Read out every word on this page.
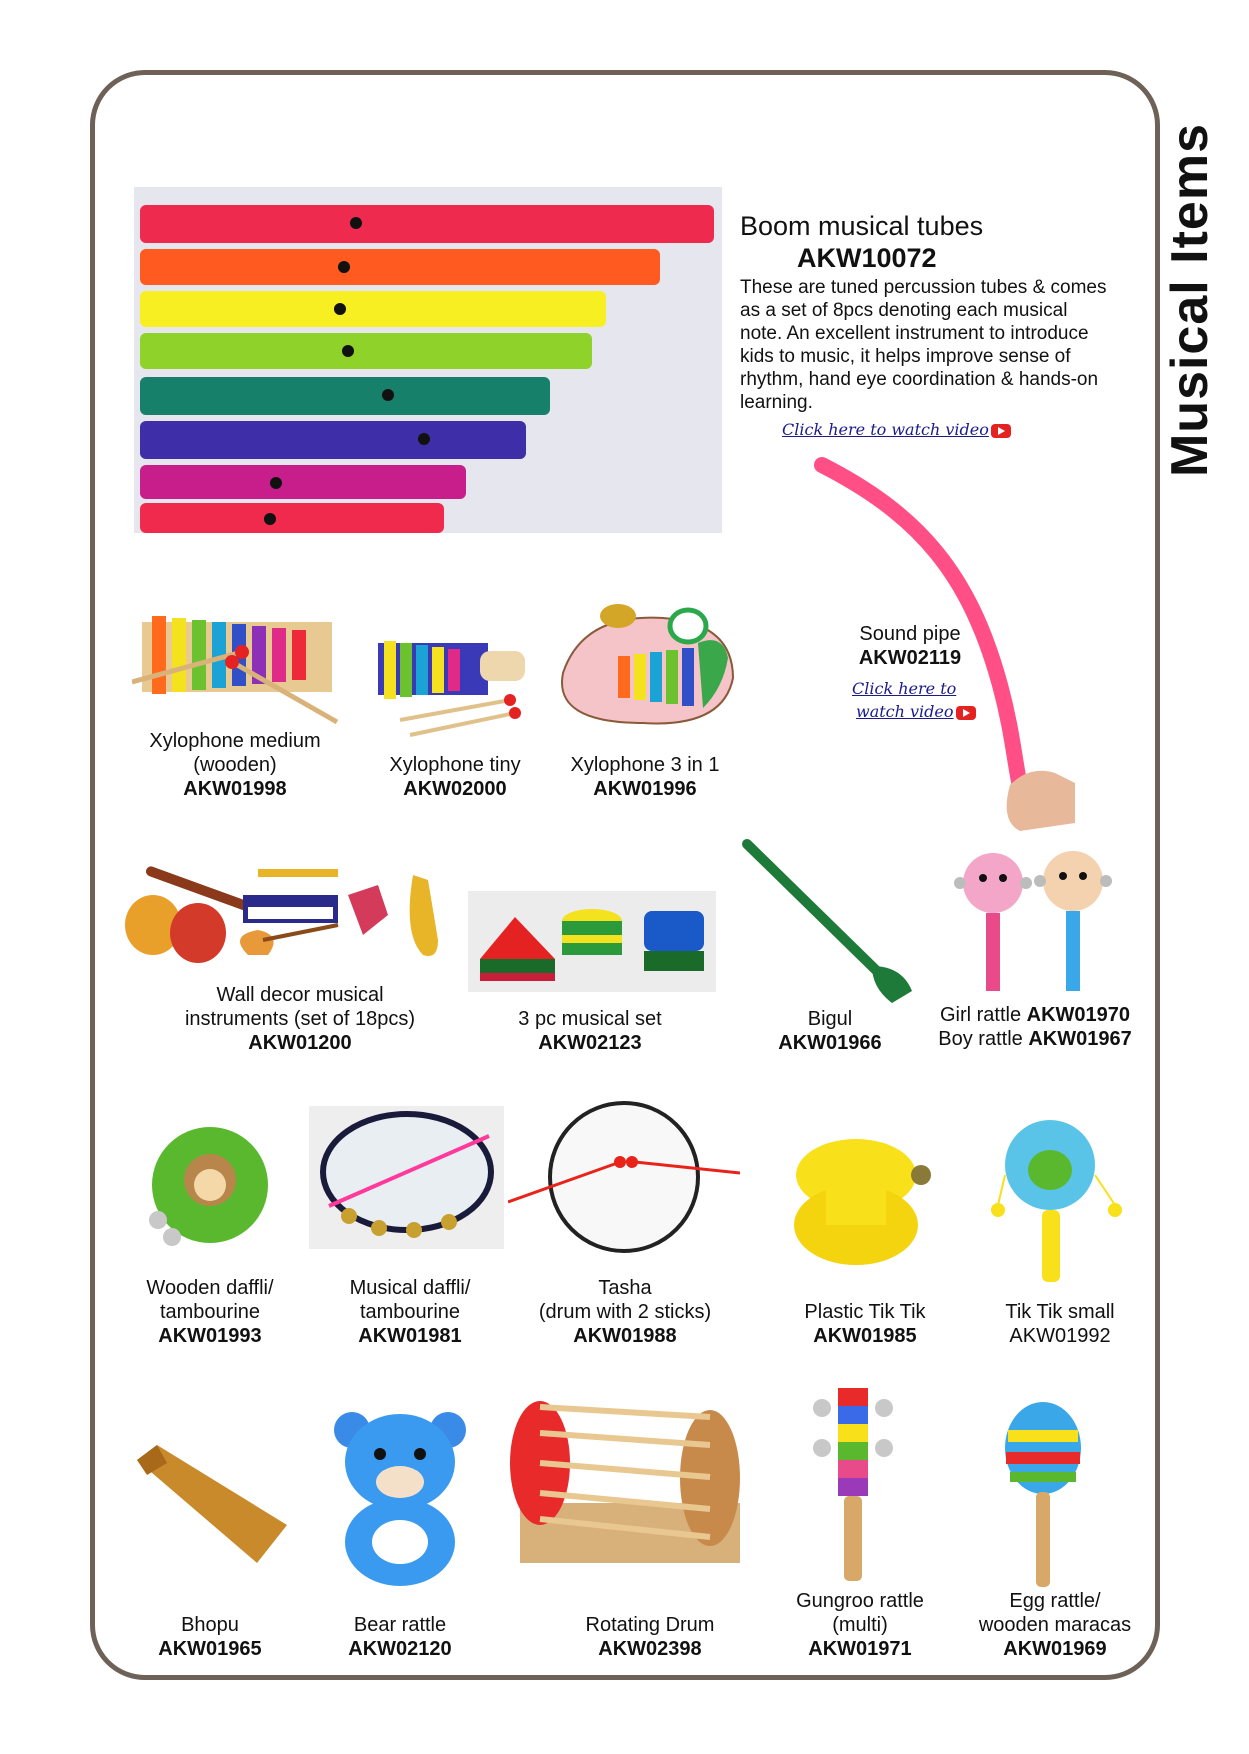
Musical Items
Boom musical tubes
AKW10072
These are tuned percussion tubes & comes as a set of 8pcs denoting each musical note. An excellent instrument to introduce kids to music, it helps improve sense of rhythm, hand eye coordination & hands-on learning.
Click here to watch video
Sound pipe
AKW02119
Click here to
watch video
Xylophone medium
(wooden)
AKW01998
Xylophone tiny
AKW02000
Xylophone 3 in 1
AKW01996
Wall decor musical
instruments (set of 18pcs)
AKW01200
3 pc musical set
AKW02123
Bigul
AKW01966
Girl rattle AKW01970
Boy rattle AKW01967
Wooden daffli/
tambourine
AKW01993
Musical daffli/
tambourine
AKW01981
Tasha
(drum with 2 sticks)
AKW01988
Plastic Tik Tik
AKW01985
Tik Tik small
AKW01992
Bhopu
AKW01965
Bear rattle
AKW02120
Rotating Drum
AKW02398
Gungroo rattle
(multi)
AKW01971
Egg rattle/
wooden maracas
AKW01969
